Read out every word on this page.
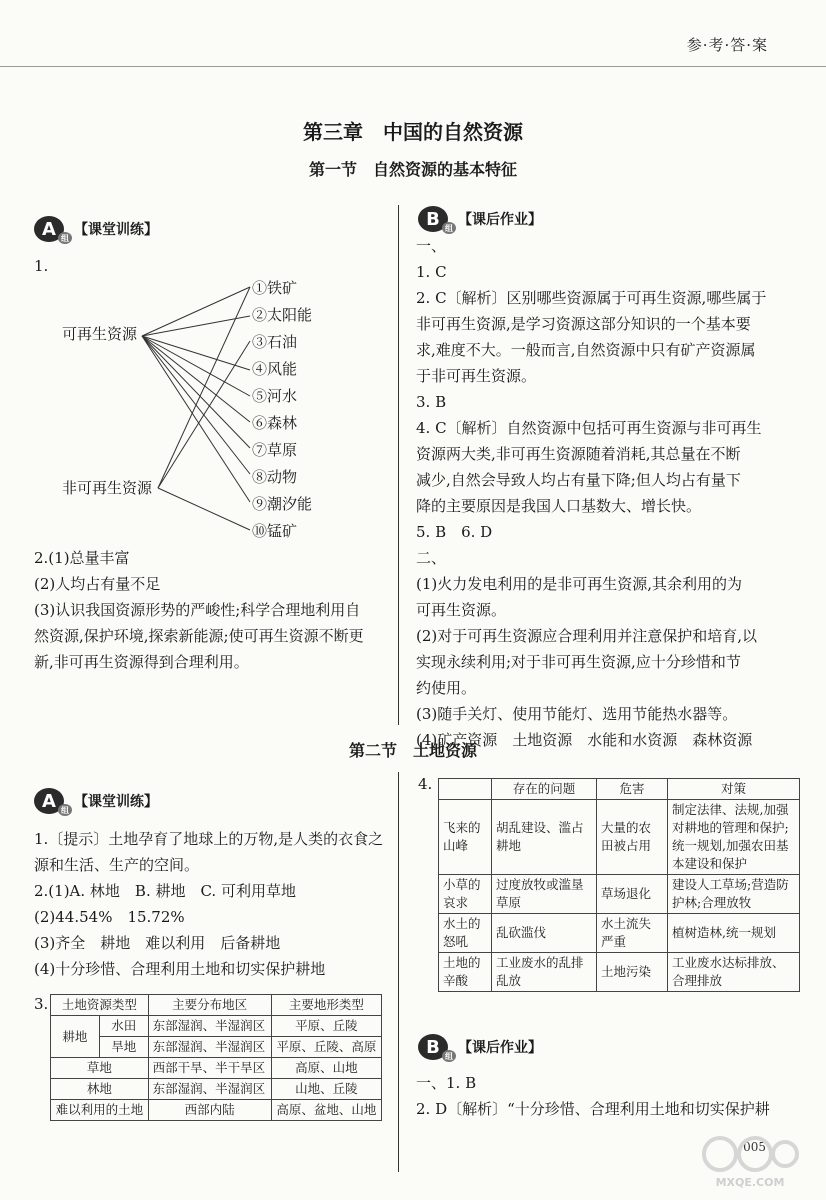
参·考·答·案
第三章　中国的自然资源
第一节　自然资源的基本特征
A 组 【课堂训练】
1.
可再生资源
非可再生资源
①铁矿
②太阳能
③石油
④风能
⑤河水
⑥森林
⑦草原
⑧动物
⑨潮汐能
⑩锰矿

2.(1)总量丰富

(2)人均占有量不足

(3)认识我国资源形势的严峻性;科学合理地利用自

然资源,保护环境,探索新能源;使可再生资源不断更

新,非可再生资源得到合理利用。

B 组 【课后作业】

一、

1. C

2. C〔解析〕区别哪些资源属于可再生资源,哪些属于

非可再生资源,是学习资源这部分知识的一个基本要

求,难度不大。一般而言,自然资源中只有矿产资源属

于非可再生资源。

3. B

4. C〔解析〕自然资源中包括可再生资源与非可再生

资源两大类,非可再生资源随着消耗,其总量在不断

减少,自然会导致人均占有量下降;但人均占有量下

降的主要原因是我国人口基数大、增长快。

5. B　6. D

二、

(1)火力发电利用的是非可再生资源,其余利用的为

可再生资源。

(2)对于可再生资源应合理利用并注意保护和培育,以

实现永续利用;对于非可再生资源,应十分珍惜和节

约使用。

(3)随手关灯、使用节能灯、选用节能热水器等。

(4)矿产资源　土地资源　水能和水资源　森林资源

第二节　土地资源
A 组 【课堂训练】

1.〔提示〕土地孕育了地球上的万物,是人类的衣食之

源和生活、生产的空间。

2.(1)A. 林地　B. 耕地　C. 可利用草地

(2)44.54%　15.72%

(3)齐全　耕地　难以利用　后备耕地

(4)十分珍惜、合理利用土地和切实保护耕地

3. 土地资源类型		主要分布地区	主要地形类型
耕地	水田	东部湿润、半湿润区	平原、丘陵
	旱地	东部湿润、半湿润区	平原、丘陵、高原
草地		西部干旱、半干旱区	高原、山地
林地		东部湿润、半湿润区	山地、丘陵
难以利用的土地		西部内陆	高原、盆地、山地
4.
		存在的问题	危害	对策
飞来的山峰	胡乱建设、滥占耕地	大量的农田被占用	制定法律、法规,加强对耕地的管理和保护;统一规划,加强农田基本建设和保护
小草的哀求	过度放牧或滥垦草原	草场退化	建设人工草场;营造防护林;合理放牧
水土的怒吼	乱砍滥伐	水土流失严重	植树造林,统一规划
土地的辛酸	工业废水的乱排乱放	土地污染	工业废水达标排放、合理排放
B 组 【课后作业】

一、1. B

2. D〔解析〕“十分珍惜、合理利用土地和切实保护耕

005
MXQE.COM
